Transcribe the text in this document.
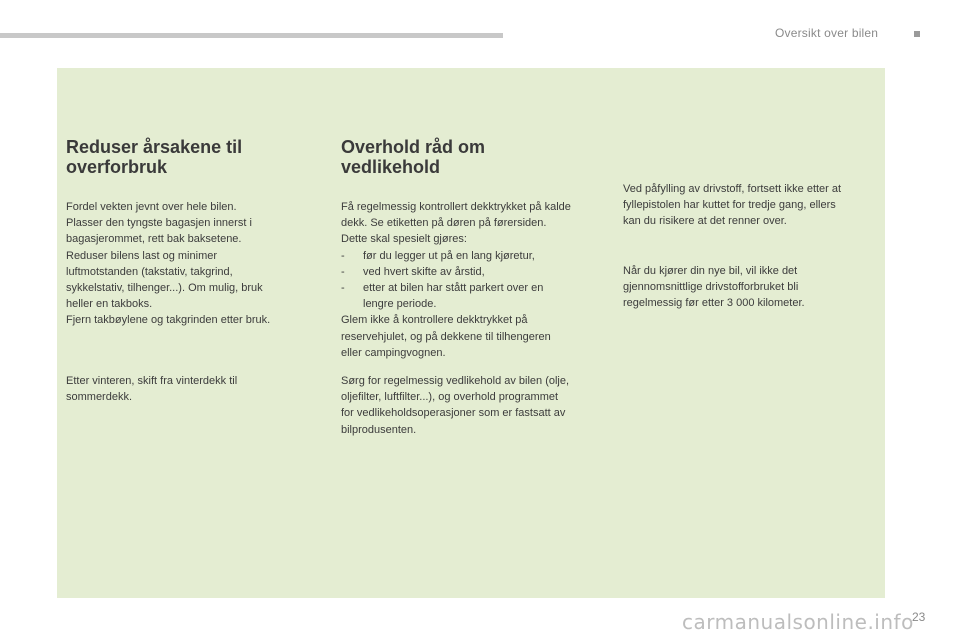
Oversikt over bilen
Reduser årsakene til overforbruk

Fordel vekten jevnt over hele bilen.
Plasser den tyngste bagasjen innerst i
bagasjerommet, rett bak baksetene.
Reduser bilens last og minimer
luftmotstanden (takstativ, takgrind,
sykkelstativ, tilhenger...). Om mulig, bruk
heller en takboks.
Fjern takbøylene og takgrinden etter bruk.

Etter vinteren, skift fra vinterdekk til
sommerdekk.

Overhold råd om vedlikehold

Få regelmessig kontrollert dekktrykket på kalde
dekk. Se etiketten på døren på førersiden.
Dette skal spesielt gjøres:

- før du legger ut på en lang kjøretur,
- ved hvert skifte av årstid,
- etter at bilen har stått parkert over en lengre periode.

Glem ikke å kontrollere dekktrykket på
reservehjulet, og på dekkene til tilhengeren
eller campingvognen.

Sørg for regelmessig vedlikehold av bilen (olje,
oljefilter, luftfilter...), og overhold programmet
for vedlikeholdsoperasjoner som er fastsatt av
bilprodusenten.

Ved påfylling av drivstoff, fortsett ikke etter at
fyllepistolen har kuttet for tredje gang, ellers
kan du risikere at det renner over.

Når du kjører din nye bil, vil ikke det
gjennomsnittlige drivstofforbruket bli
regelmessig før etter 3 000 kilometer.

carmanualsonline.info
23
